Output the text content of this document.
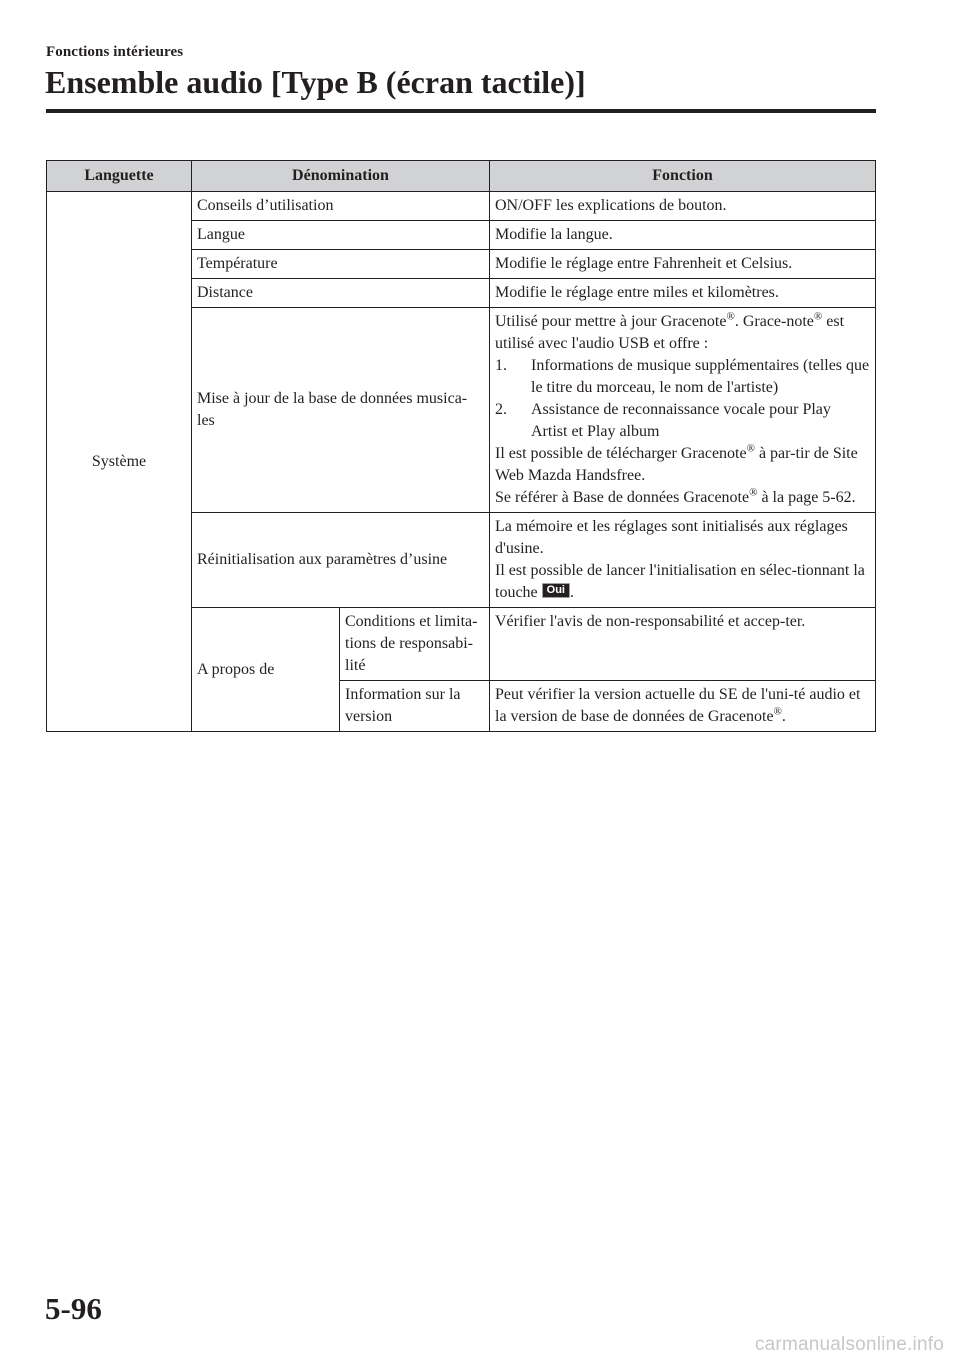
Fonctions intérieures
Ensemble audio [Type B (écran tactile)]
Languette	Dénomination		Fonction
Système	Conseils d’utilisation		ON/OFF les explications de bouton.
	Langue		Modifie la langue.
	Température		Modifie le réglage entre Fahrenheit et Celsius.
	Distance		Modifie le réglage entre miles et kilomètres.
	Mise à jour de la base de données musica-les		Utilisé pour mettre à jour Gracenote®. Grace-note® est utilisé avec l'audio USB et offre :
1. Informations de musique supplémentaires (telles que le titre du morceau, le nom de l'artiste)
2. Assistance de reconnaissance vocale pour Play Artist et Play album
Il est possible de télécharger Gracenote® à par-tir de Site Web Mazda Handsfree.
Se référer à Base de données Gracenote® à la page 5-62.

	Réinitialisation aux paramètres d’usine		La mémoire et les réglages sont initialisés aux réglages d'usine.
Il est possible de lancer l'initialisation en sélec-tionnant la touche Oui .

	A propos de	Conditions et limita-tions de responsabi-lité	Vérifier l'avis de non-responsabilité et accep-ter.
		Information sur la version	Peut vérifier la version actuelle du SE de l'uni-té audio et la version de base de données de Gracenote®.
5-96
carmanualsonline.info
